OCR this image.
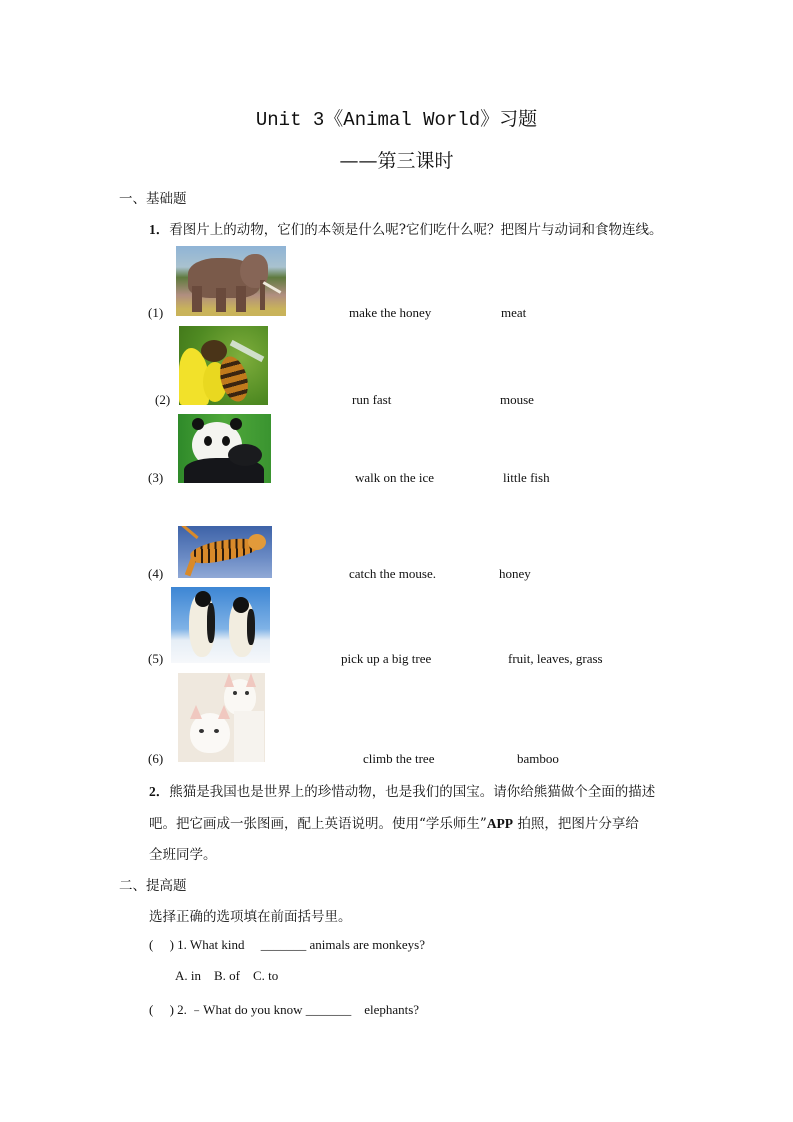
Unit 3《Animal World》习题
——第三课时
一、基础题
1．看图片上的动物，它们的本领是什么呢?它们吃什么呢？把图片与动词和食物连线。
(1)	make the honey	meat
(2)	run fast	mouse
(3)	walk on the ice	little fish
(4)	catch the mouse.	honey
(5)	pick up a big tree	fruit, leaves, grass
(6)	climb the tree	bamboo
2．熊猫是我国也是世界上的珍惜动物，也是我们的国宝。请你给熊猫做个全面的描述
吧。把它画成一张图画，配上英语说明。使用“学乐师生”APP 拍照，把图片分享给
全班同学。
二、提高题
选择正确的选项填在前面括号里。
(     ) 1. What kind _______ animals are monkeys?
A. in    B. of    C. to
(     ) 2. ﹣What do you know _______ elephants?
